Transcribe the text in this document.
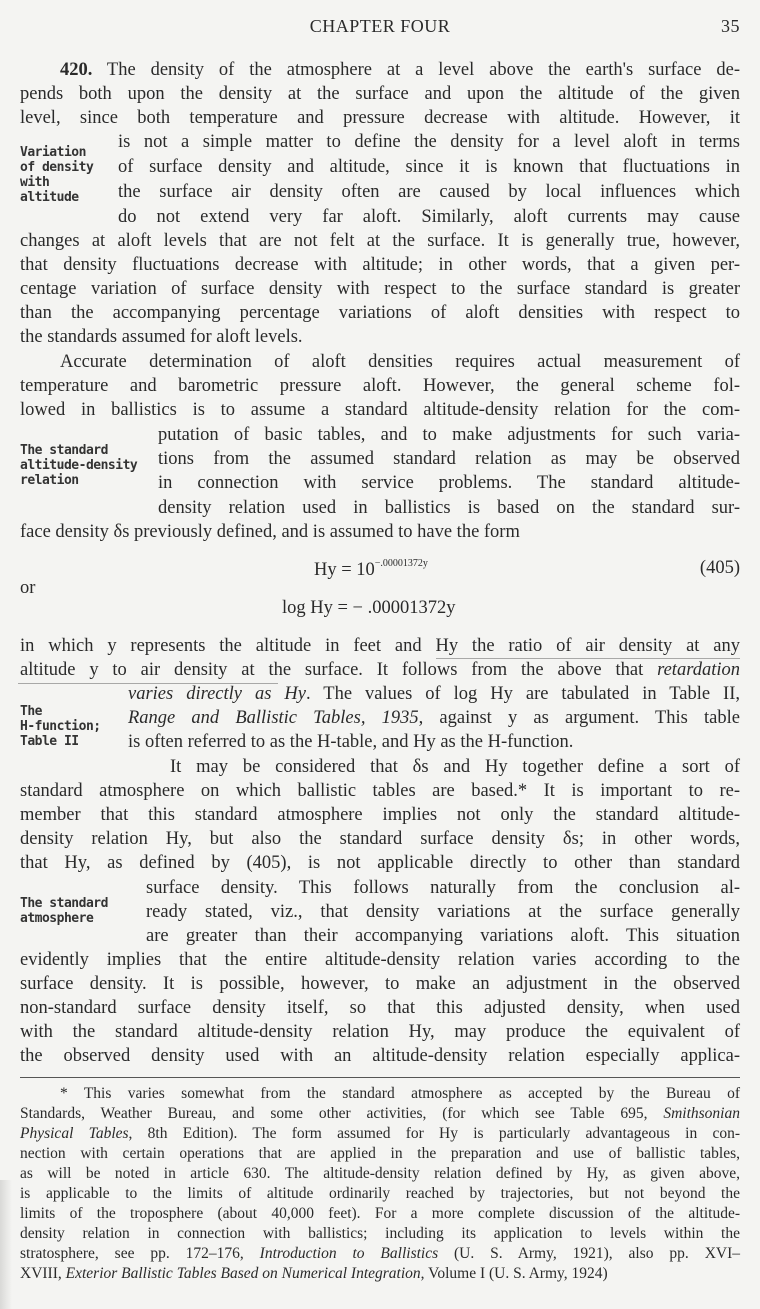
CHAPTER FOUR	35
420. The density of the atmosphere at a level above the earth's surface de-
pends both upon the density at the surface and upon the altitude of the given
level, since both temperature and pressure decrease with altitude. However, it
is not a simple matter to define the density for a level aloft in terms
of surface density and altitude, since it is known that fluctuations in
the surface air density often are caused by local influences which
do not extend very far aloft. Similarly, aloft currents may cause
changes at aloft levels that are not felt at the surface. It is generally true, however,
that density fluctuations decrease with altitude; in other words, that a given per-
centage variation of surface density with respect to the surface standard is greater
than the accompanying percentage variations of aloft densities with respect to
the standards assumed for aloft levels.
Variation
of density
with
altitude
Accurate determination of aloft densities requires actual measurement of
temperature and barometric pressure aloft. However, the general scheme fol-
lowed in ballistics is to assume a standard altitude-density relation for the com-
putation of basic tables, and to make adjustments for such varia-
tions from the assumed standard relation as may be observed
in connection with service problems. The standard altitude-
density relation used in ballistics is based on the standard sur-
face density δs previously defined, and is assumed to have the form
The standard
altitude-density
relation
$Hy = 10^{-.00001372y}$	(405)
or
log Hy = − .00001372y
in which y represents the altitude in feet and Hy the ratio of air density at any
altitude y to air density at the surface. It follows from the above that retardation
varies directly as Hy. The values of log Hy are tabulated in Table II,
Range and Ballistic Tables, 1935, against y as argument. This table
is often referred to as the H-table, and Hy as the H-function.
The
H-function;
Table II
It may be considered that δs and Hy together define a sort of
standard atmosphere on which ballistic tables are based.* It is important to re-
member that this standard atmosphere implies not only the standard altitude-
density relation Hy, but also the standard surface density δs; in other words,
that Hy, as defined by (405), is not applicable directly to other than standard
surface density. This follows naturally from the conclusion al-
ready stated, viz., that density variations at the surface generally
are greater than their accompanying variations aloft. This situation
The standard
atmosphere
evidently implies that the entire altitude-density relation varies according to the
surface density. It is possible, however, to make an adjustment in the observed
non-standard surface density itself, so that this adjusted density, when used
with the standard altitude-density relation Hy, may produce the equivalent of
the observed density used with an altitude-density relation especially applica-
* This varies somewhat from the standard atmosphere as accepted by the Bureau of
Standards, Weather Bureau, and some other activities, (for which see Table 695, Smithsonian
Physical Tables, 8th Edition). The form assumed for Hy is particularly advantageous in con-
nection with certain operations that are applied in the preparation and use of ballistic tables,
as will be noted in article 630. The altitude-density relation defined by Hy, as given above,
is applicable to the limits of altitude ordinarily reached by trajectories, but not beyond the
limits of the troposphere (about 40,000 feet). For a more complete discussion of the altitude-
density relation in connection with ballistics; including its application to levels within the
stratosphere, see pp. 172–176, Introduction to Ballistics (U. S. Army, 1921), also pp. XVI–
XVIII, Exterior Ballistic Tables Based on Numerical Integration, Volume I (U. S. Army, 1924)
